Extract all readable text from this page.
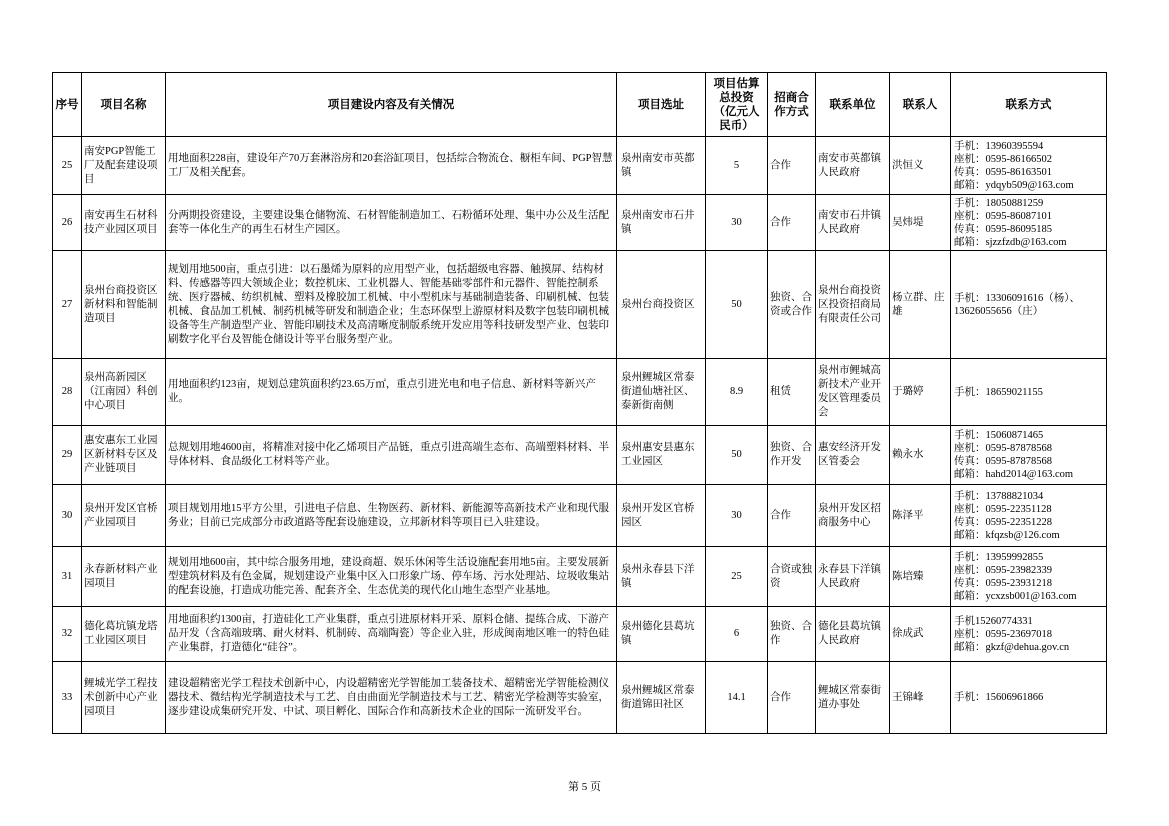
序号	项目名称	项目建设内容及有关情况	项目选址	项目估算总投资（亿元人民币）	招商合作方式	联系单位	联系人	联系方式
25	南安PGP智能工厂及配套建设项目	用地面积228亩，建设年产70万套淋浴房和20套浴缸项目，包括综合物流仓、橱柜车间、PGP智慧工厂及相关配套。	泉州南安市英都镇	5	合作	南安市英都镇人民政府	洪恒义	手机：13960395594
座机：0595-86166502
传真：0595-86163501
邮箱：ydqyb509@163.com

26	南安再生石材科技产业园区项目	分两期投资建设，主要建设集仓储物流、石材智能制造加工、石粉循环处理、集中办公及生活配套等一体化生产的再生石材生产园区。	泉州南安市石井镇	30	合作	南安市石井镇人民政府	吴炜堤	手机：18050881259
座机：0595-86087101
传真：0595-86095185
邮箱：sjzzfzdb@163.com

27	泉州台商投资区新材料和智能制造项目	规划用地500亩，重点引进：以石墨烯为原料的应用型产业，包括超级电容器、触摸屏、结构材料、传感器等四大领域企业；数控机床、工业机器人、智能基础零部件和元器件、智能控制系统、医疗器械、纺织机械、塑料及橡胶加工机械、中小型机床与基础制造装备、印刷机械、包装机械、食品加工机械、制药机械等研发和制造企业；生态环保型上游原材料及数字包装印刷机械设备等生产制造型产业、智能印刷技术及高清晰度制版系统开发应用等科技研发型产业、包装印刷数字化平台及智能仓储设计等平台服务型产业。	泉州台商投资区	50	独资、合资或合作	泉州台商投资区投资招商局有限责任公司	杨立群、庄雄	手机：13306091616（杨）、13626055656（庄）

28	泉州高新园区（江南园）科创中心项目	用地面积约123亩，规划总建筑面积约23.65万㎡，重点引进光电和电子信息、新材料等新兴产业。	泉州鲤城区常泰街道仙塘社区、泰新街南侧	8.9	租赁	泉州市鲤城高新技术产业开发区管理委员会	于璐婷	手机：18659021155

29	惠安惠东工业园区新材料专区及产业链项目	总规划用地4600亩，将精准对接中化乙烯项目产品链，重点引进高端生态布、高端塑料材料、半导体材料、食品级化工材料等产业。	泉州惠安县惠东工业园区	50	独资、合作开发	惠安经济开发区管委会	赖永水	手机：15060871465
座机：0595-87878568
传真：0595-87878568
邮箱：hahd2014@163.com

30	泉州开发区官桥产业园项目	项目规划用地15平方公里，引进电子信息、生物医药、新材料、新能源等高新技术产业和现代服务业；目前已完成部分市政道路等配套设施建设，立邦新材料等项目已入驻建设。	泉州开发区官桥园区	30	合作	泉州开发区招商服务中心	陈泽平	手机：13788821034
座机：0595-22351128
传真：0595-22351228
邮箱：kfqzsb@126.com

31	永春新材料产业园项目	规划用地600亩，其中综合服务用地，建设商超、娱乐休闲等生活设施配套用地5亩。主要发展新型建筑材料及有色金属，规划建设产业集中区入口形象广场、停车场、污水处理站、垃圾收集站的配套设施，打造成功能完善、配套齐全、生态优美的现代化山地生态型产业基地。	泉州永春县下洋镇	25	合资或独资	永春县下洋镇人民政府	陈培臻	手机：13959992855
座机：0595-23982339
传真：0595-23931218
邮箱：ycxzsb001@163.com

32	德化葛坑镇龙塔工业园区项目	用地面积约1300亩，打造硅化工产业集群，重点引进原材料开采、原料仓储、提练合成、下游产品开发（含高端玻璃、耐火材料、机制砖、高端陶瓷）等企业入驻，形成闽南地区唯一的特色硅产业集群，打造德化“硅谷”。	泉州德化县葛坑镇	6	独资、合作	德化县葛坑镇人民政府	徐成武	手机15260774331
座机：0595-23697018
邮箱：gkzf@dehua.gov.cn

33	鲤城光学工程技术创新中心产业园项目	建设超精密光学工程技术创新中心，内设超精密光学智能加工装备技术、超精密光学智能检测仪器技术、微结构光学制造技术与工艺、自由曲面光学制造技术与工艺、精密光学检测等实验室，逐步建设成集研究开发、中试、项目孵化、国际合作和高新技术企业的国际一流研发平台。	泉州鲤城区常泰街道锦田社区	14.1	合作	鲤城区常泰街道办事处	王锦峰	手机：15606961866
第 5 页
